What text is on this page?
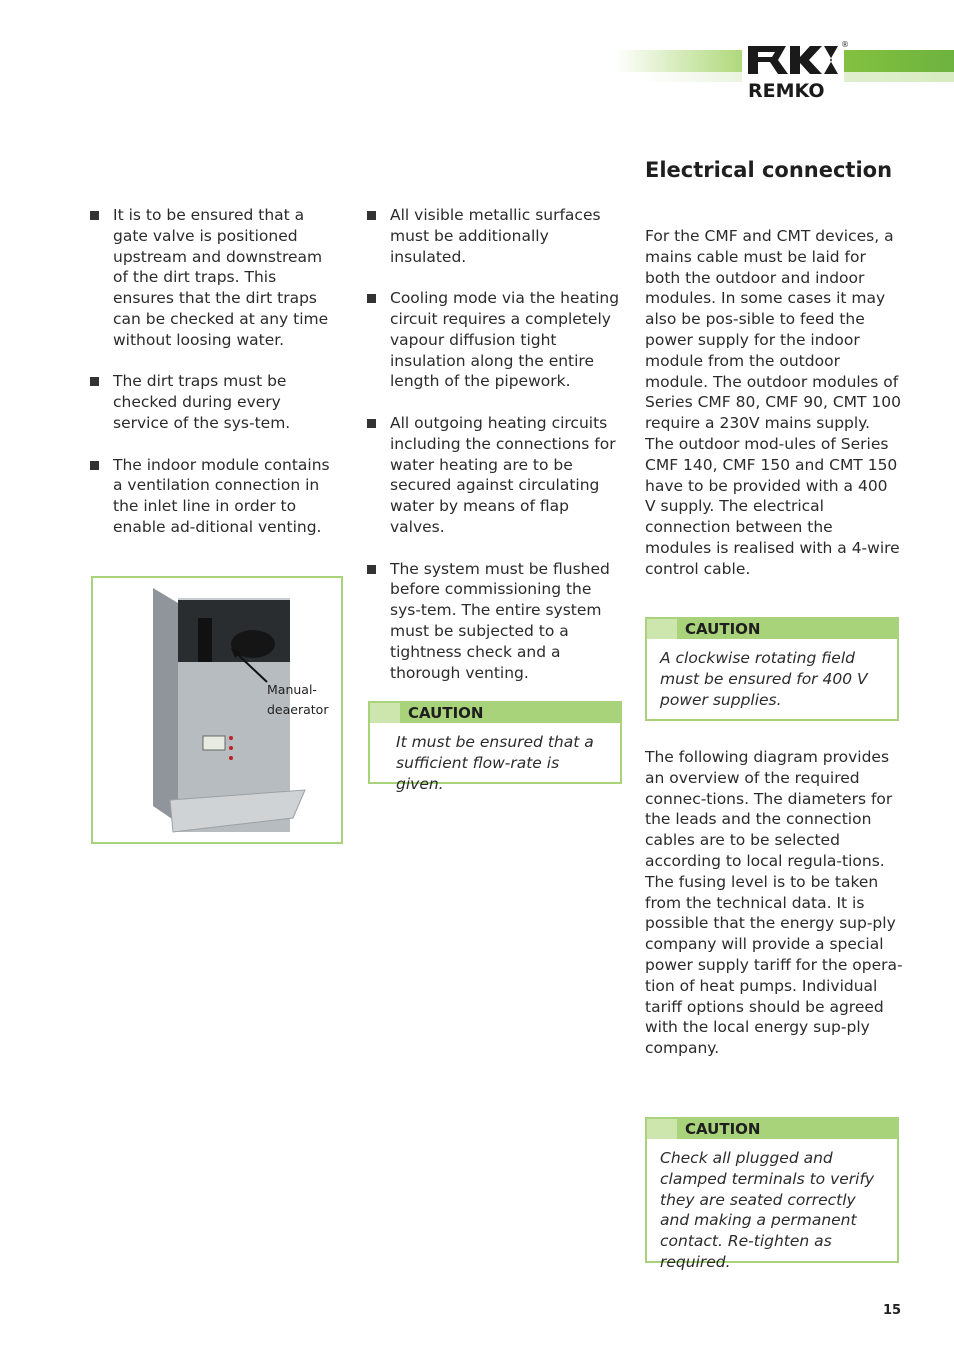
REMKO
®
Electrical connection
It is to be ensured that a gate valve is positioned upstream and downstream of the dirt traps. This ensures that the dirt traps can be checked at any time without loosing water.
The dirt traps must be checked during every service of the sys-tem.
The indoor module contains a ventilation connection in the inlet line in order to enable ad-ditional venting.
Manual-
deaerator
All visible metallic surfaces must be additionally insulated.
Cooling mode via the heating circuit requires a completely vapour diffusion tight insulation along the entire length of the pipework.
All outgoing heating circuits including the connections for water heating are to be secured against circulating water by means of flap valves.
The system must be flushed before commissioning the sys-tem. The entire system must be subjected to a tightness check and a thorough venting.
CAUTION

It must be ensured that a sufficient flow-rate is given.

For the CMF and CMT devices, a mains cable must be laid for both the outdoor and indoor modules. In some cases it may also be pos-sible to feed the power supply for the indoor module from the outdoor module. The outdoor modules of Series CMF 80, CMF 90, CMT 100 require a 230V mains supply. The outdoor mod-ules of Series CMF 140, CMF 150 and CMT 150 have to be provided with a 400 V supply. The electrical connection between the modules is realised with a 4-wire control cable.

CAUTION

A clockwise rotating field must be ensured for 400 V power supplies.

The following diagram provides an overview of the required connec-tions. The diameters for the leads and the connection cables are to be selected according to local regula-tions. The fusing level is to be taken from the technical data. It is possible that the energy sup-ply company will provide a special power supply tariff for the opera-tion of heat pumps. Individual tariff options should be agreed with the local energy sup-ply company.

CAUTION

Check all plugged and clamped terminals to verify they are seated correctly and making a permanent contact. Re-tighten as required.

15
